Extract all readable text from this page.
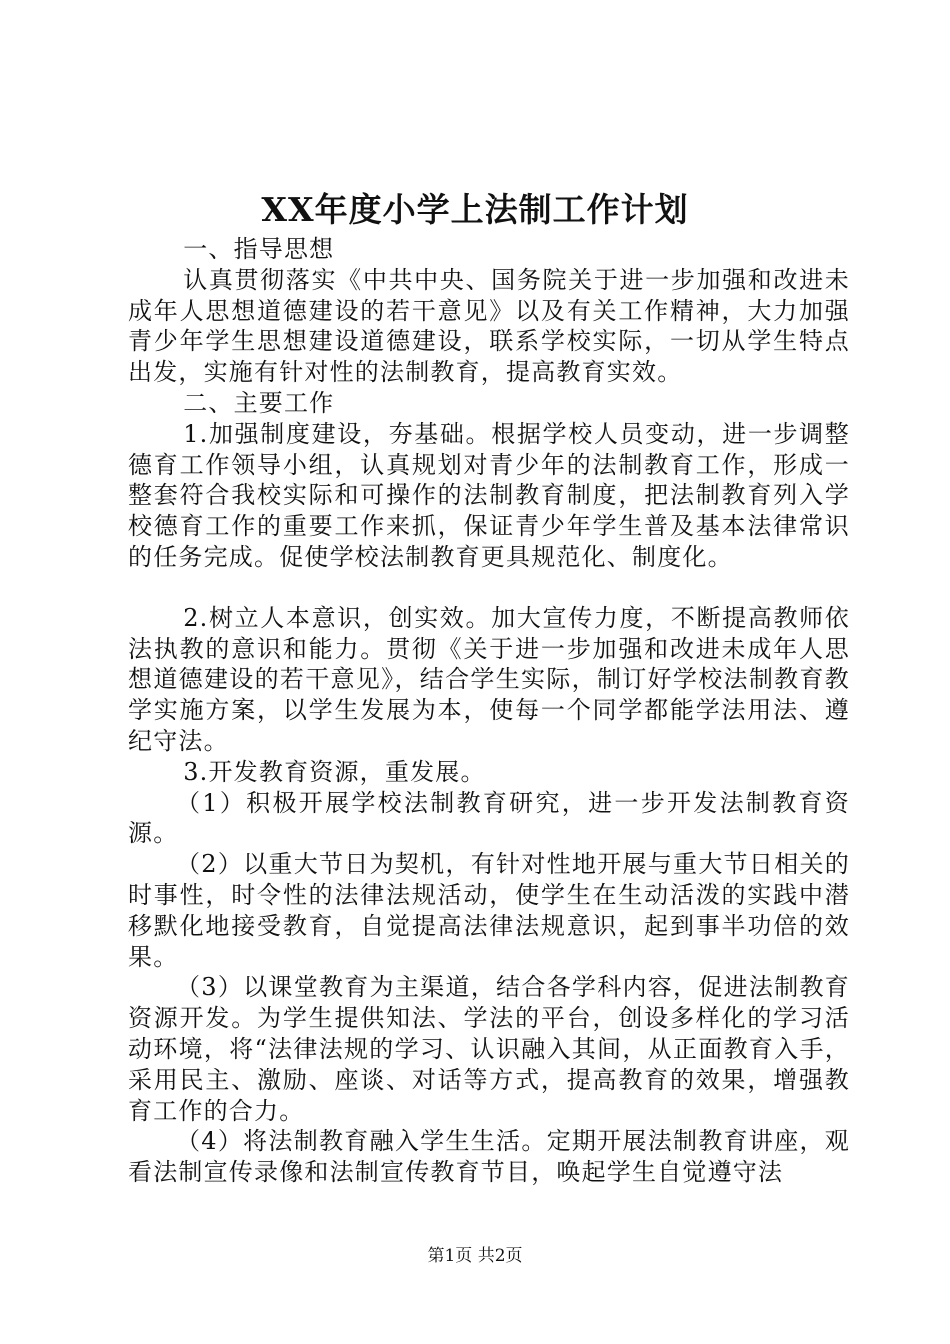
XX年度小学上法制工作计划

一、指导思想

认真贯彻落实《中共中央、国务院关于进一步加强和改进未成年人思想道德建设的若干意见》以及有关工作精神，大力加强青少年学生思想建设道德建设，联系学校实际，一切从学生特点出发，实施有针对性的法制教育，提高教育实效。

二、主要工作

1.加强制度建设，夯基础。根据学校人员变动，进一步调整德育工作领导小组，认真规划对青少年的法制教育工作，形成一整套符合我校实际和可操作的法制教育制度，把法制教育列入学校德育工作的重要工作来抓，保证青少年学生普及基本法律常识的任务完成。促使学校法制教育更具规范化、制度化。

2.树立人本意识，创实效。加大宣传力度，不断提高教师依法执教的意识和能力。贯彻《关于进一步加强和改进未成年人思想道德建设的若干意见》，结合学生实际，制订好学校法制教育教学实施方案，以学生发展为本，使每一个同学都能学法用法、遵纪守法。

3.开发教育资源，重发展。

（1）积极开展学校法制教育研究，进一步开发法制教育资源。

（2）以重大节日为契机，有针对性地开展与重大节日相关的时事性，时令性的法律法规活动，使学生在生动活泼的实践中潜移默化地接受教育，自觉提高法律法规意识，起到事半功倍的效果。

（3）以课堂教育为主渠道，结合各学科内容，促进法制教育资源开发。为学生提供知法、学法的平台，创设多样化的学习活动环境，将“法律法规的学习、认识融入其间，从正面教育入手，采用民主、激励、座谈、对话等方式，提高教育的效果，增强教育工作的合力。

（4）将法制教育融入学生生活。定期开展法制教育讲座，观看法制宣传录像和法制宣传教育节目，唤起学生自觉遵守法

第1页 共2页
